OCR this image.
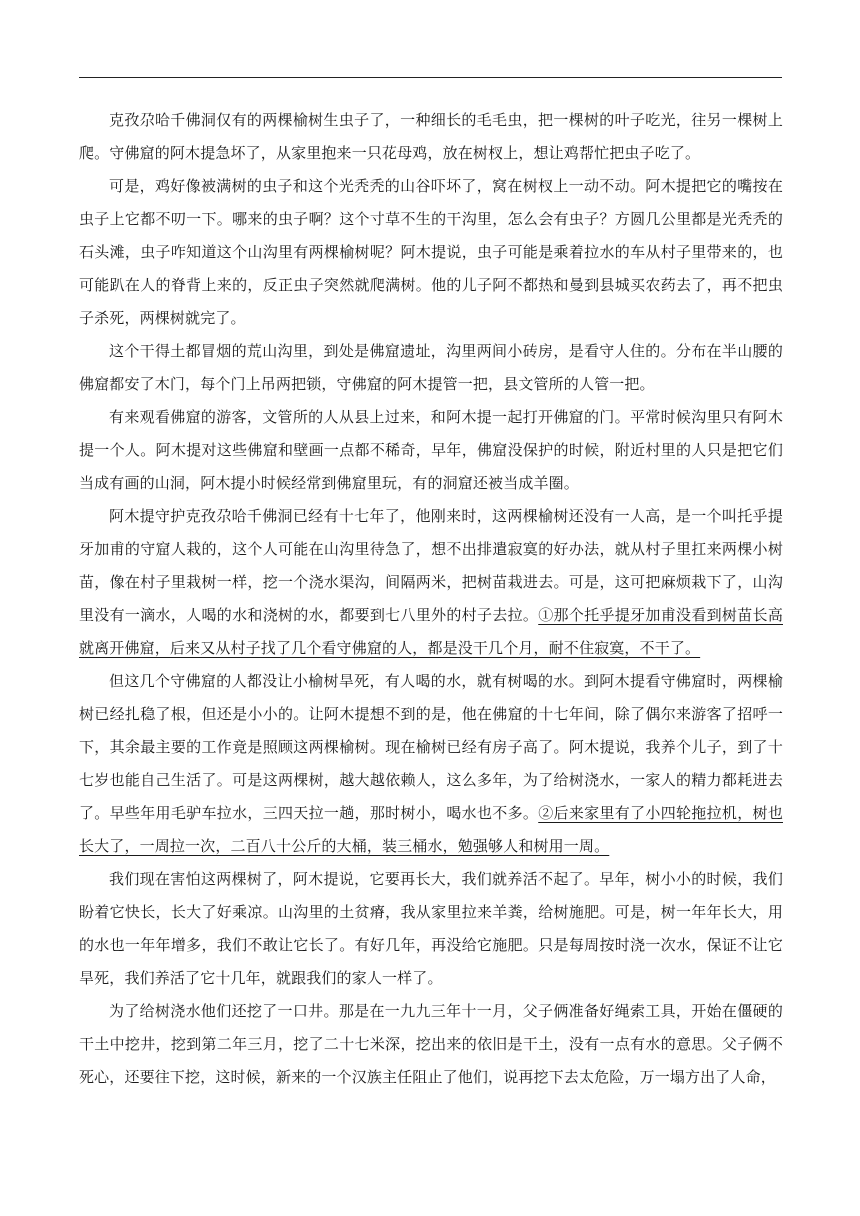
克孜尕哈千佛洞仅有的两棵榆树生虫子了，一种细长的毛毛虫，把一棵树的叶子吃光，往另一棵树上爬。守佛窟的阿木提急坏了，从家里抱来一只花母鸡，放在树杈上，想让鸡帮忙把虫子吃了。

可是，鸡好像被满树的虫子和这个光秃秃的山谷吓坏了，窝在树杈上一动不动。阿木提把它的嘴按在虫子上它都不叨一下。哪来的虫子啊？这个寸草不生的干沟里，怎么会有虫子？方圆几公里都是光秃秃的石头滩，虫子咋知道这个山沟里有两棵榆树呢？阿木提说，虫子可能是乘着拉水的车从村子里带来的，也可能趴在人的脊背上来的，反正虫子突然就爬满树。他的儿子阿不都热和曼到县城买农药去了，再不把虫子杀死，两棵树就完了。

这个干得土都冒烟的荒山沟里，到处是佛窟遗址，沟里两间小砖房，是看守人住的。分布在半山腰的佛窟都安了木门，每个门上吊两把锁，守佛窟的阿木提管一把，县文管所的人管一把。

有来观看佛窟的游客，文管所的人从县上过来，和阿木提一起打开佛窟的门。平常时候沟里只有阿木提一个人。阿木提对这些佛窟和壁画一点都不稀奇，早年，佛窟没保护的时候，附近村里的人只是把它们当成有画的山洞，阿木提小时候经常到佛窟里玩，有的洞窟还被当成羊圈。

阿木提守护克孜尕哈千佛洞已经有十七年了，他刚来时，这两棵榆树还没有一人高，是一个叫托乎提牙加甫的守窟人栽的，这个人可能在山沟里待急了，想不出排遣寂寞的好办法，就从村子里扛来两棵小树苗，像在村子里栽树一样，挖一个浇水渠沟，间隔两米，把树苗栽进去。可是，这可把麻烦栽下了，山沟里没有一滴水，人喝的水和浇树的水，都要到七八里外的村子去拉。①那个托乎提牙加甫没看到树苗长高就离开佛窟，后来又从村子找了几个看守佛窟的人，都是没干几个月，耐不住寂寞，不干了。

但这几个守佛窟的人都没让小榆树旱死，有人喝的水，就有树喝的水。到阿木提看守佛窟时，两棵榆树已经扎稳了根，但还是小小的。让阿木提想不到的是，他在佛窟的十七年间，除了偶尔来游客了招呼一下，其余最主要的工作竟是照顾这两棵榆树。现在榆树已经有房子高了。阿木提说，我养个儿子，到了十七岁也能自己生活了。可是这两棵树，越大越依赖人，这么多年，为了给树浇水，一家人的精力都耗进去了。早些年用毛驴车拉水，三四天拉一趟，那时树小，喝水也不多。②后来家里有了小四轮拖拉机，树也长大了，一周拉一次，二百八十公斤的大桶，装三桶水，勉强够人和树用一周。

我们现在害怕这两棵树了，阿木提说，它要再长大，我们就养活不起了。早年，树小小的时候，我们盼着它快长，长大了好乘凉。山沟里的土贫瘠，我从家里拉来羊粪，给树施肥。可是，树一年年长大，用的水也一年年增多，我们不敢让它长了。有好几年，再没给它施肥。只是每周按时浇一次水，保证不让它旱死，我们养活了它十几年，就跟我们的家人一样了。

为了给树浇水他们还挖了一口井。那是在一九九三年十一月，父子俩准备好绳索工具，开始在僵硬的干土中挖井，挖到第二年三月，挖了二十七米深，挖出来的依旧是干土，没有一点有水的意思。父子俩不死心，还要往下挖，这时候，新来的一个汉族主任阻止了他们，说再挖下去太危险，万一塌方出了人命，
